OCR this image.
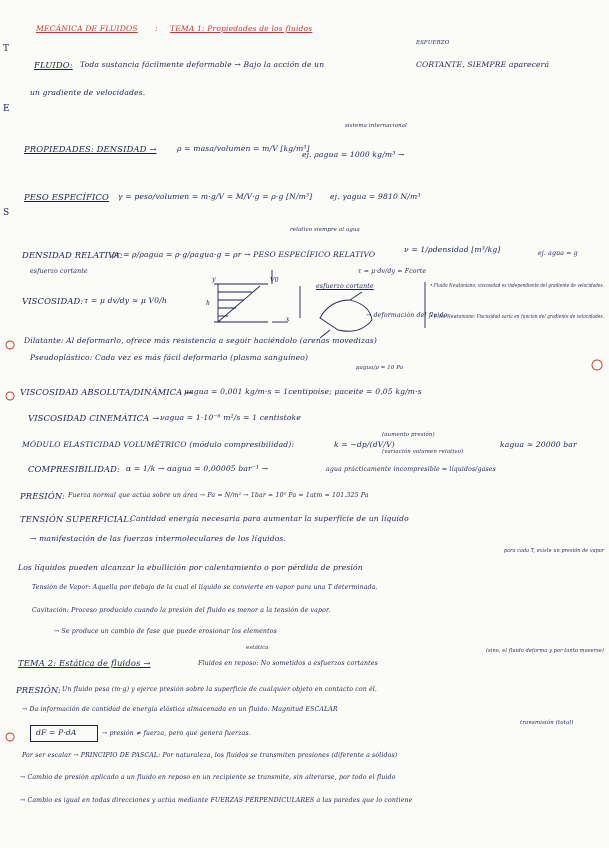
T
E
S
MECÁNICA DE FLUIDOS : TEMA 1: Propiedades de los fluidos
ESFUERZO
FLUIDO: Toda sustancia fácilmente deformable → Bajo la acción de un	CORTANTE, SIEMPRE aparecerá
un gradiente de velocidades.
sistema internacional
PROPIEDADES: DENSIDAD →	ρ = masa/volumen = m/V [kg/m³]
ej. ρagua = 1000 kg/m³ →
PESO ESPECÍFICO γ = peso/volumen = m·g/V = M/V·g = ρ·g [N/m³] ej. γagua = 9810 N/m³
relativo siempre al agua
DENSIDAD RELATIVA:
ρr = ρ/ρagua = ρ·g/ρagua·g = ρr → PESO ESPECÍFICO RELATIVO
ν = 1/ρdensidad [m³/kg]	ej. agua = g
esfuerzo cortante	τ = μ·dv/dy = Fcorte
VISCOSIDAD: τ = μ dv/dy ≈ μ V0/h
V0
h
y
x
esfuerzo cortante
→ deformación del fluido
• Fluido Newtoniano: viscosidad es independiente del gradiente de velocidades.
• F. No Newtoniano: Viscosidad varía en función del gradiente de velocidades.
Dilatante: Al deformarlo, ofrece más resistencia a seguir haciéndolo (arenas movedizas)
Pseudoplástico: Cada vez es más fácil deformarlo (plasma sanguíneo)
μagua/ρ = 10 Pa
VISCOSIDAD ABSOLUTA/DINÁMICA →
μagua = 0,001 kg/m·s = 1centipoise; μaceite = 0,05 kg/m·s
VISCOSIDAD CINEMÁTICA → νagua = 1·10⁻⁶ m²/s = 1 centistoke
(aumento presión)
MÓDULO ELASTICIDAD VOLUMÉTRICO (módulo compresibilidad):	k = −dp/(dV/V)
(variación volumen relativo)
kagua ≈ 20000 bar
COMPRESIBILIDAD: α = 1/k → αagua = 0,00005 bar⁻¹ →	agua prácticamente incompresible ⇒ líquidos/gases
PRESIÓN: Fuerza normal que actúa sobre un área → Pa = N/m² → 1bar = 10⁵ Pa ≈ 1atm = 101.325 Pa
TENSIÓN SUPERFICIAL:
Cantidad energía necesaria para aumentar la superficie de un líquido
→ manifestación de las fuerzas intermoleculares de los líquidos.
para cada T, existe un presión de vapor
Los líquidos pueden alcanzar la ebullición por calentamiento o por pérdida de presión
Tensión de Vapor: Aquella por debajo de la cual el líquido se convierte en vapor para una T determinada.
Cavitación: Proceso producido cuando la presión del fluido es menor a la tensión de vapor.
→ Se produce un cambio de fase que puede erosionar los elementos
estática
TEMA 2: Estática de fluidos →	Fluidos en reposo: No sometidos a esfuerzos cortantes
(sino, el fluido deforma y por tanto moverse)
PRESIÓN: Un fluido pesa (m·g) y ejerce presión sobre la superficie de cualquier objeto en contacto con él.
→ Da información de cantidad de energía elástica almacenada en un fluido. Magnitud ESCALAR
transmisión (total)
dF = P·dA	→ presión ≠ fuerza, pero que genera fuerzas.
Por ser escalar → PRINCIPIO DE PASCAL: Por naturaleza, los fluidos se transmiten presiones (diferente a sólidos)
→ Cambio de presión aplicado a un fluido en reposo en un recipiente se transmite, sin alterarse, por todo el fluido
→ Cambio es igual en todas direcciones y actúa mediante FUERZAS PERPENDICULARES a las paredes que lo contiene
